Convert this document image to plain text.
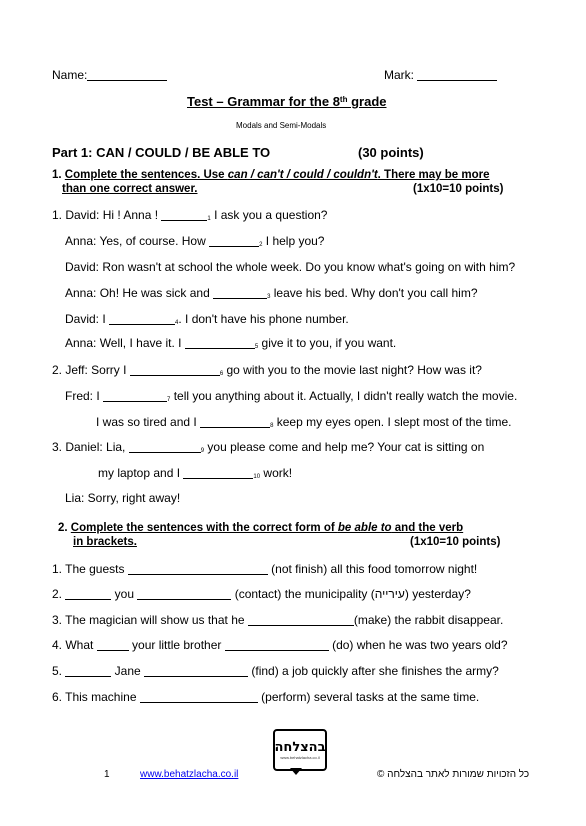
Name:	Mark:
Test – Grammar for the 8th grade
Modals and Semi-Modals
Part 1: CAN / COULD / BE ABLE TO	(30 points)
1. Complete the sentences. Use can / can't / could / couldn't. There may be more
than one correct answer.	(1x10=10 points)
1. David: Hi ! Anna !	$_1$ I ask you a question?
Anna: Yes, of course. How	$_2$ I help you?
David: Ron wasn't at school the whole week. Do you know what's going on with him?
Anna: Oh! He was sick and	$_3$ leave his bed. Why don't you call him?
David: I	$_4$. I don't have his phone number.
Anna: Well, I have it. I	$_5$ give it to you, if you want.
2. Jeff: Sorry I	$_6$ go with you to the movie last night? How was it?
Fred: I	$_7$ tell you anything about it. Actually, I didn't really watch the movie.
I was so tired and I	$_8$ keep my eyes open. I slept most of the time.
3. Daniel: Lia,	$_9$ you please come and help me? Your cat is sitting on
my laptop and I	$_{10}$ work!
Lia: Sorry, right away!
2. Complete the sentences with the correct form of be able to and the verb
in brackets.	(1x10=10 points)
1. The guests	(not finish) all this food tomorrow night!
2.	you	(contact) the municipality (עירייה) yesterday?
3. The magician will show us that he	(make) the rabbit disappear.
4. What	your little brother	(do) when he was two years old?
5.	Jane	(find) a job quickly after she finishes the army?
6. This machine	(perform) several tasks at the same time.
בהצלחה
www.behatzlacha.co.il
1	www.behatzlacha.co.il	כל הזכויות שמורות לאתר בהצלחה ©
